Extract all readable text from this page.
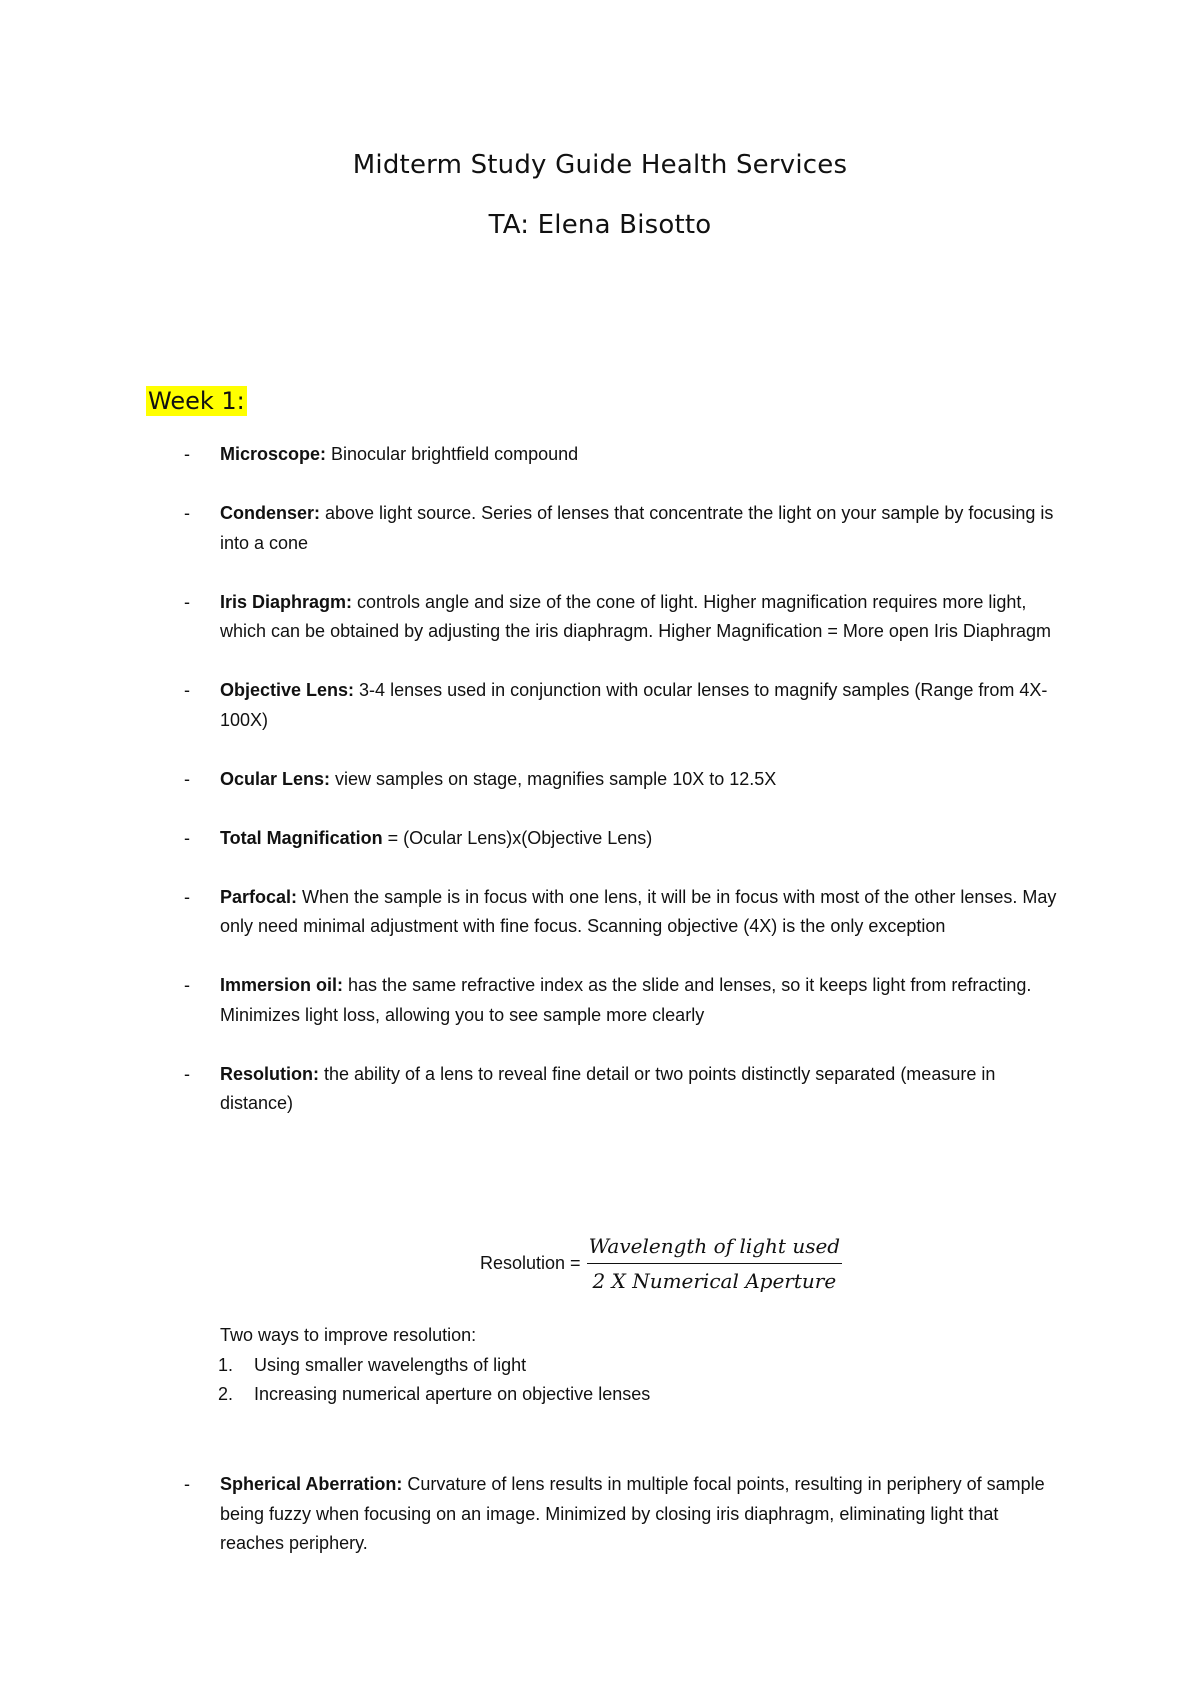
Midterm Study Guide Health Services
TA: Elena Bisotto
Week 1:
- Microscope: Binocular brightfield compound
- Condenser: above light source. Series of lenses that concentrate the light on your sample by focusing is into a cone
- Iris Diaphragm: controls angle and size of the cone of light. Higher magnification requires more light, which can be obtained by adjusting the iris diaphragm. Higher Magnification = More open Iris Diaphragm
- Objective Lens: 3-4 lenses used in conjunction with ocular lenses to magnify samples (Range from 4X-100X)
- Ocular Lens: view samples on stage, magnifies sample 10X to 12.5X
- Total Magnification = (Ocular Lens)x(Objective Lens)
- Parfocal: When the sample is in focus with one lens, it will be in focus with most of the other lenses. May only need minimal adjustment with fine focus. Scanning objective (4X) is the only exception
- Immersion oil: has the same refractive index as the slide and lenses, so it keeps light from refracting. Minimizes light loss, allowing you to see sample more clearly
- Resolution: the ability of a lens to reveal fine detail or two points distinctly separated (measure in distance)
Resolution = $\frac{\text{Wavelength of light used}}{\text{2 X Numerical Aperture}}$
Two ways to improve resolution:
1. Using smaller wavelengths of light
2. Increasing numerical aperture on objective lenses
- Spherical Aberration: Curvature of lens results in multiple focal points, resulting in periphery of sample being fuzzy when focusing on an image. Minimized by closing iris diaphragm, eliminating light that reaches periphery.
